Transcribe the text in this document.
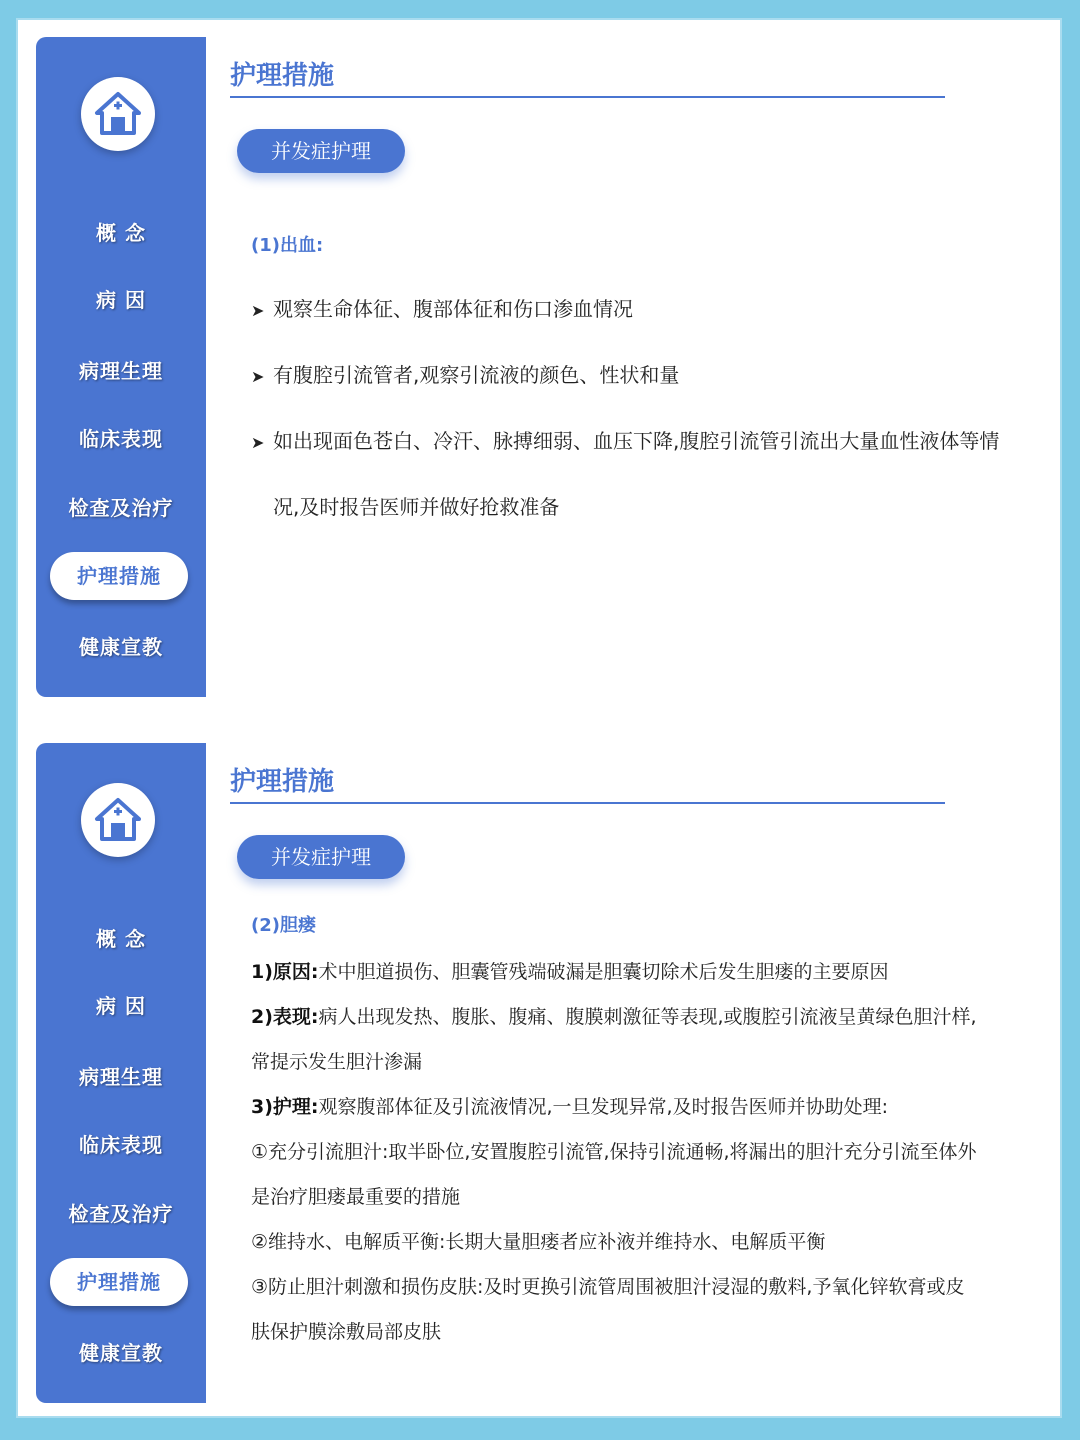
概 念
病 因
病理生理
临床表现
检查及治疗
护理措施
健康宣教
护理措施
并发症护理
(1)出血:
➤ 观察生命体征、腹部体征和伤口渗血情况
➤ 有腹腔引流管者,观察引流液的颜色、性状和量
➤ 如出现面色苍白、冷汗、脉搏细弱、血压下降,腹腔引流管引流出大量血性液体等情
况,及时报告医师并做好抢救准备
概 念
病 因
病理生理
临床表现
检查及治疗
护理措施
健康宣教
护理措施
并发症护理
(2)胆瘘
1)原因:术中胆道损伤、胆囊管残端破漏是胆囊切除术后发生胆瘘的主要原因
2)表现:病人出现发热、腹胀、腹痛、腹膜刺激征等表现,或腹腔引流液呈黄绿色胆汁样,
常提示发生胆汁渗漏
3)护理:观察腹部体征及引流液情况,一旦发现异常,及时报告医师并协助处理:
①充分引流胆汁:取半卧位,安置腹腔引流管,保持引流通畅,将漏出的胆汁充分引流至体外
是治疗胆瘘最重要的措施
②维持水、电解质平衡:长期大量胆瘘者应补液并维持水、电解质平衡
③防止胆汁刺激和损伤皮肤:及时更换引流管周围被胆汁浸湿的敷料,予氧化锌软膏或皮
肤保护膜涂敷局部皮肤
